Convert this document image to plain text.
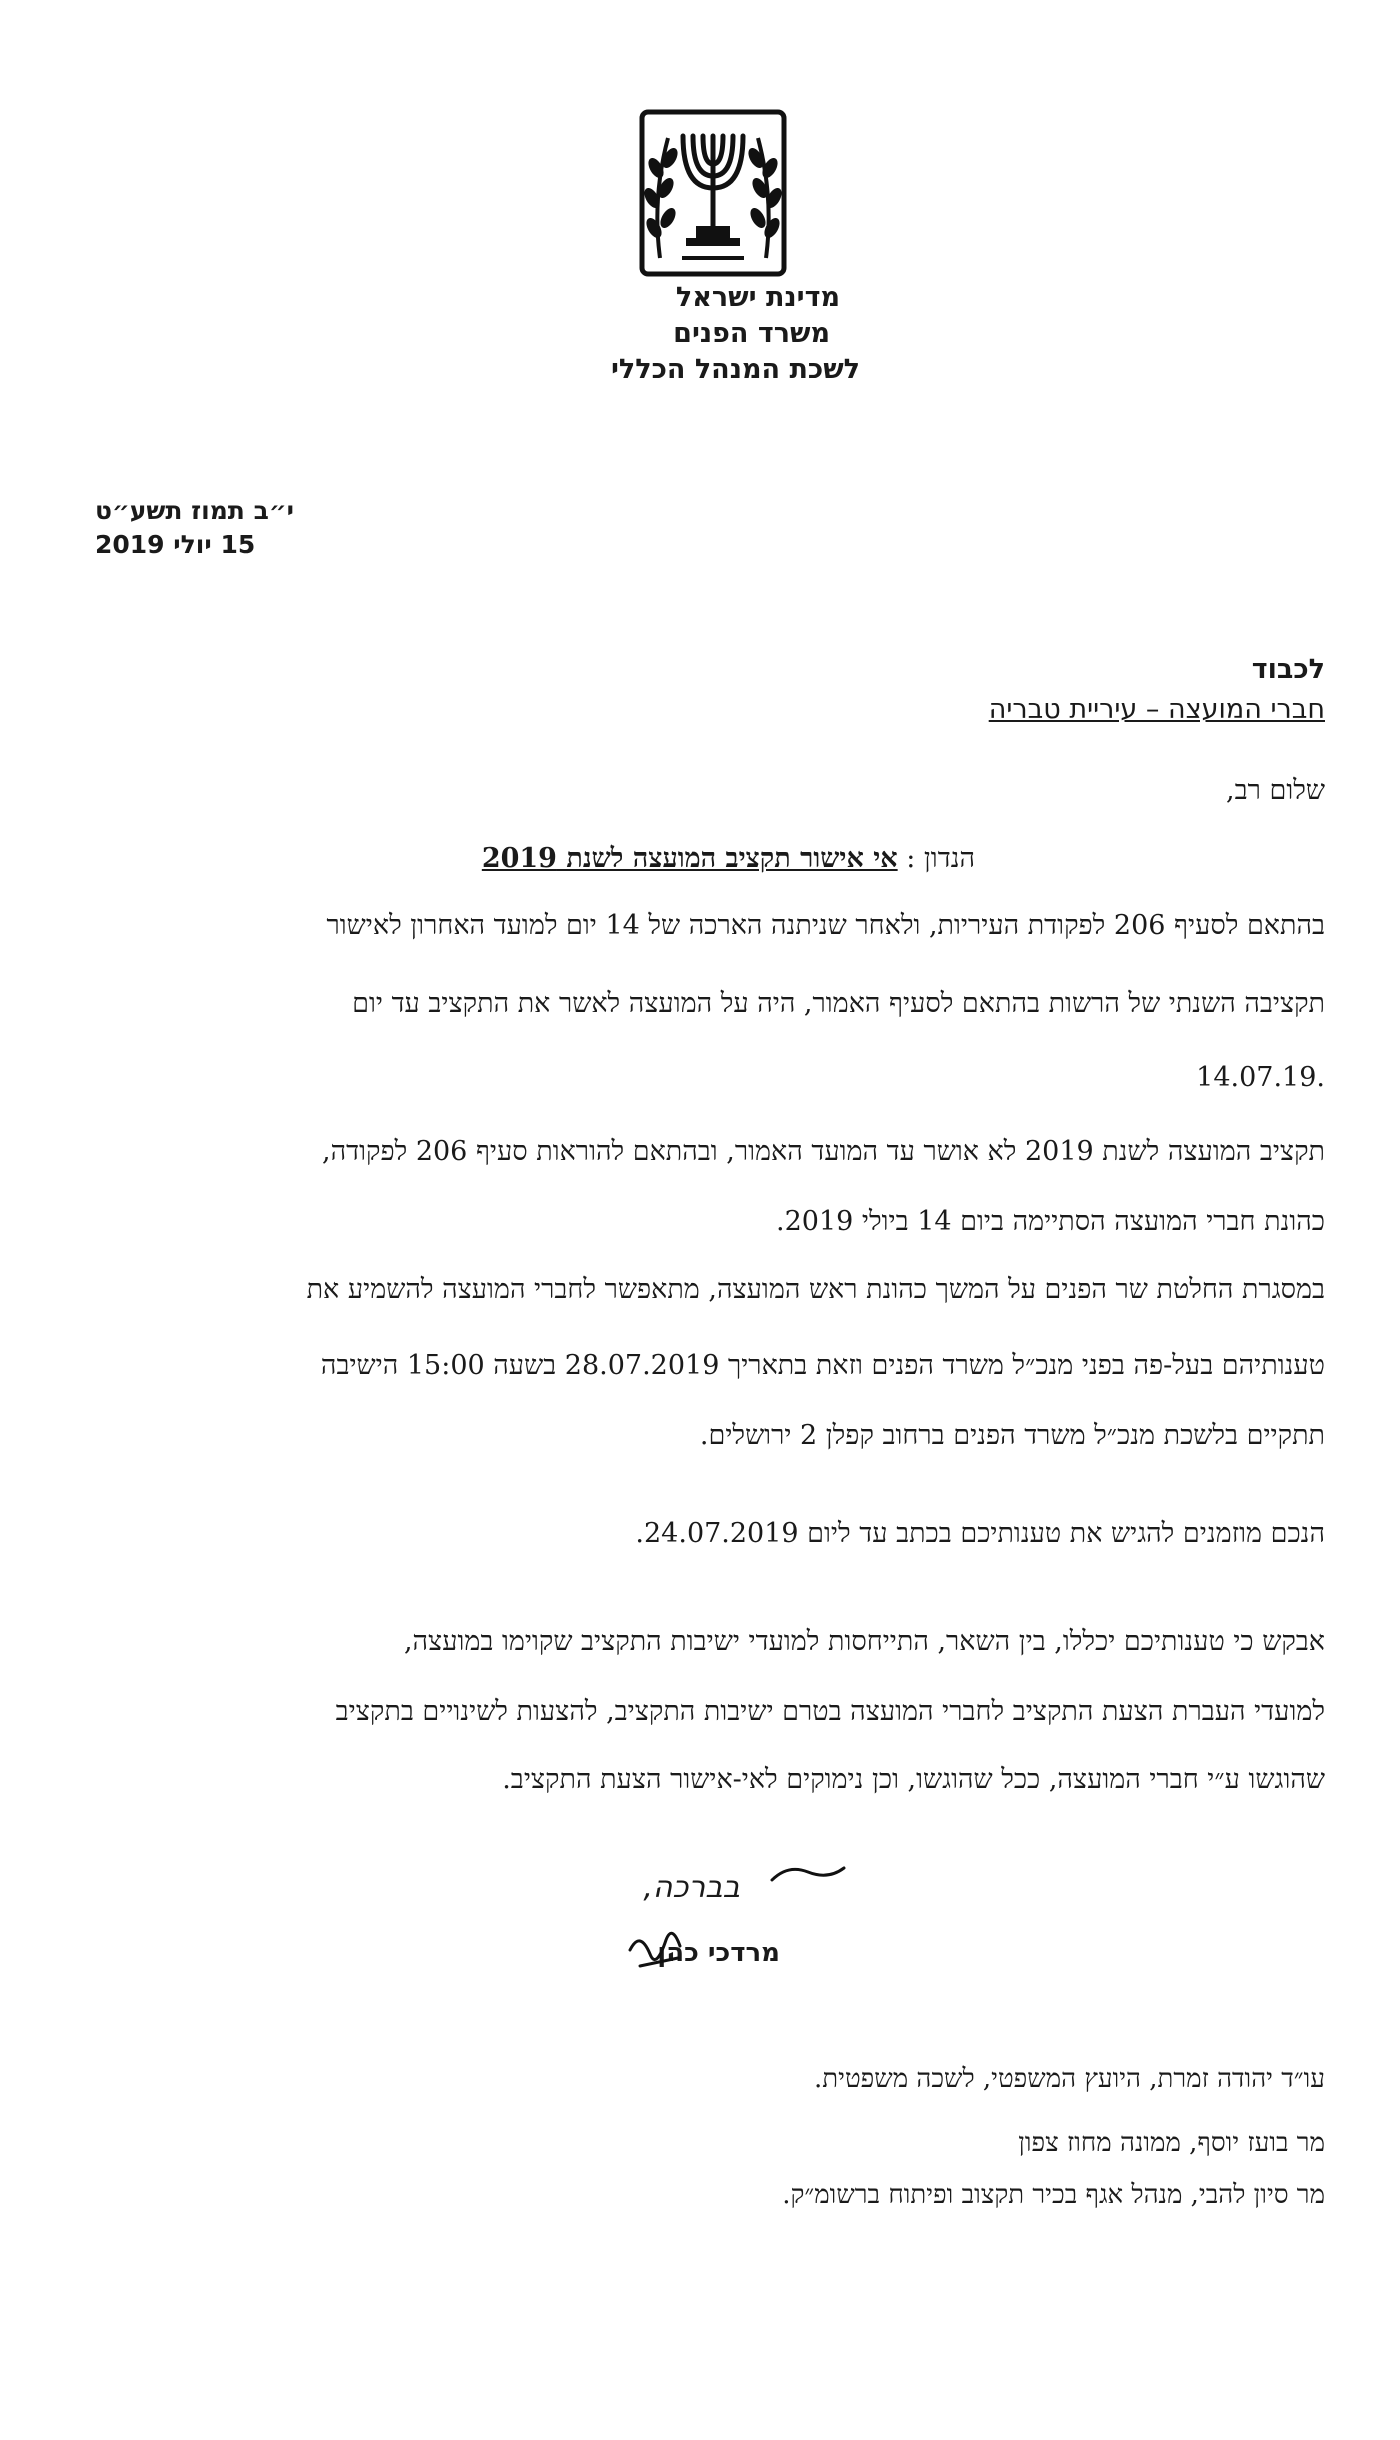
מדינת ישראל
משרד הפנים
לשכת המנהל הכללי
י״ב תמוז תשע״ט
15 יולי 2019
לכבוד
חברי המועצה – עיריית טבריה
שלום רב,
הנדון : אי אישור תקציב המועצה לשנת 2019
בהתאם לסעיף 206 לפקודת העיריות, ולאחר שניתנה הארכה של 14 יום למועד האחרון לאישור
תקציבה השנתי של הרשות בהתאם לסעיף האמור, היה על המועצה לאשר את התקציב עד יום
14.07.19.
תקציב המועצה לשנת 2019 לא אושר עד המועד האמור, ובהתאם להוראות סעיף 206 לפקודה,
כהונת חברי המועצה הסתיימה ביום 14 ביולי 2019.
במסגרת החלטת שר הפנים על המשך כהונת ראש המועצה, מתאפשר לחברי המועצה להשמיע את
טענותיהם בעל-פה בפני מנכ״ל משרד הפנים וזאת בתאריך 28.07.2019 בשעה 15:00 הישיבה
תתקיים בלשכת מנכ״ל משרד הפנים ברחוב קפלן 2 ירושלים.
הנכם מוזמנים להגיש את טענותיכם בכתב עד ליום 24.07.2019.
אבקש כי טענותיכם יכללו, בין השאר, התייחסות למועדי ישיבות התקציב שקוימו במועצה,
למועדי העברת הצעת התקציב לחברי המועצה בטרם ישיבות התקציב, להצעות לשינויים בתקציב
שהוגשו ע״י חברי המועצה, ככל שהוגשו, וכן נימוקים לאי-אישור הצעת התקציב.
בברכה,
מרדכי כהן
עו״ד יהודה זמרת, היועץ המשפטי, לשכה משפטית.
מר בועז יוסף, ממונה מחוז צפון
מר סיון להבי, מנהל אגף בכיר תקצוב ופיתוח ברשומ״ק.
